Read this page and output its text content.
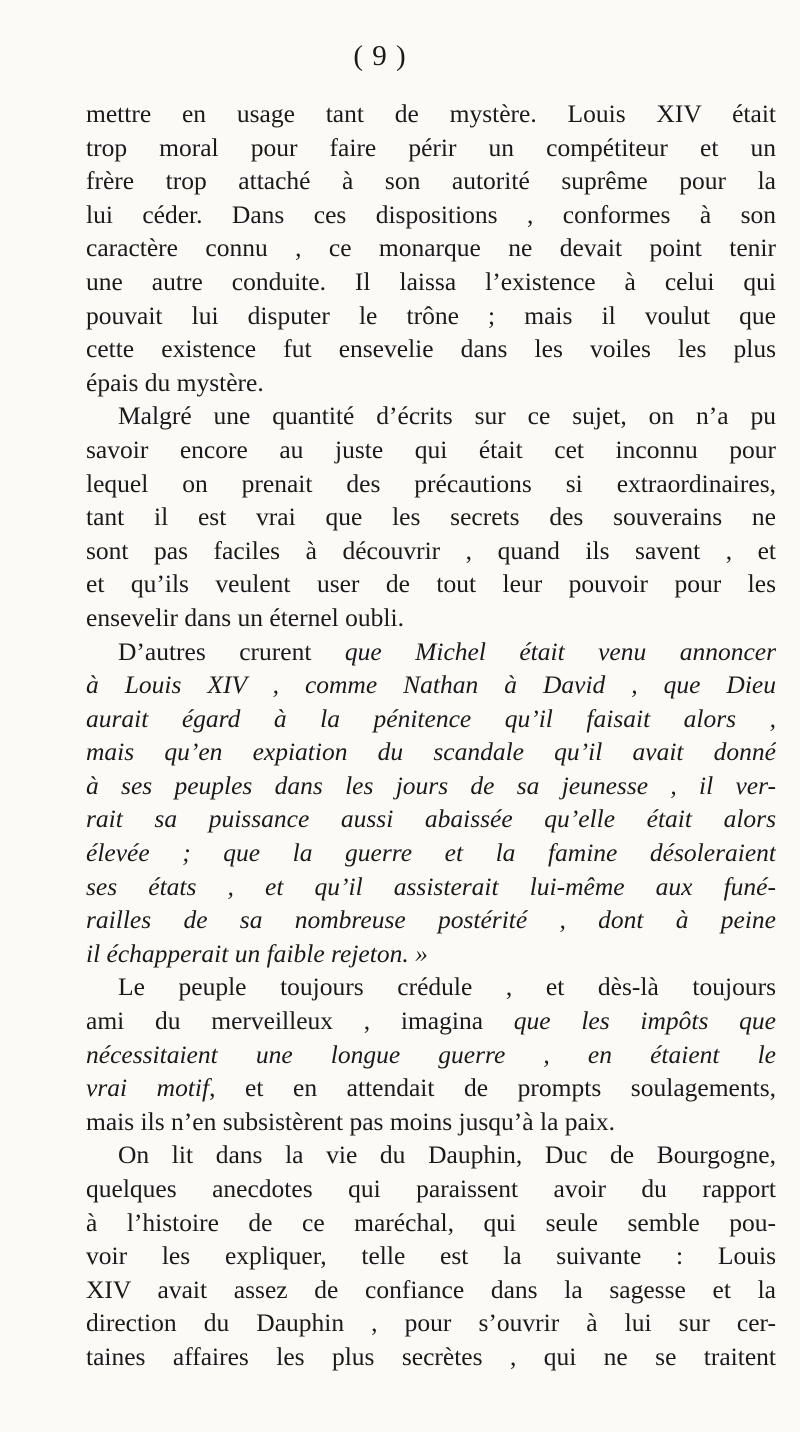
( 9 )
mettre en usage tant de mystère. Louis XIV était
trop moral pour faire périr un compétiteur et un
frère trop attaché à son autorité suprême pour la
lui céder. Dans ces dispositions , conformes à son
caractère connu , ce monarque ne devait point tenir
une autre conduite. Il laissa l’existence à celui qui
pouvait lui disputer le trône ; mais il voulut que
cette existence fut ensevelie dans les voiles les plus
épais du mystère.
Malgré une quantité d’écrits sur ce sujet, on n’a pu
savoir encore au juste qui était cet inconnu pour
lequel on prenait des précautions si extraordinaires,
tant il est vrai que les secrets des souverains ne
sont pas faciles à découvrir , quand ils savent , et
et qu’ils veulent user de tout leur pouvoir pour les
ensevelir dans un éternel oubli.
D’autres crurent que Michel était venu annoncer
à Louis XIV , comme Nathan à David , que Dieu
aurait égard à la pénitence qu’il faisait alors ,
mais qu’en expiation du scandale qu’il avait donné
à ses peuples dans les jours de sa jeunesse , il ver-
rait sa puissance aussi abaissée qu’elle était alors
élevée ; que la guerre et la famine désoleraient
ses états , et qu’il assisterait lui-même aux funé-
railles de sa nombreuse postérité , dont à peine
il échapperait un faible rejeton. »
Le peuple toujours crédule , et dès-là toujours
ami du merveilleux , imagina que les impôts que
nécessitaient une longue guerre , en étaient le
vrai motif, et en attendait de prompts soulagements,
mais ils n’en subsistèrent pas moins jusqu’à la paix.
On lit dans la vie du Dauphin, Duc de Bourgogne,
quelques anecdotes qui paraissent avoir du rapport
à l’histoire de ce maréchal, qui seule semble pou-
voir les expliquer, telle est la suivante : Louis
XIV avait assez de confiance dans la sagesse et la
direction du Dauphin , pour s’ouvrir à lui sur cer-
taines affaires les plus secrètes , qui ne se traitent
